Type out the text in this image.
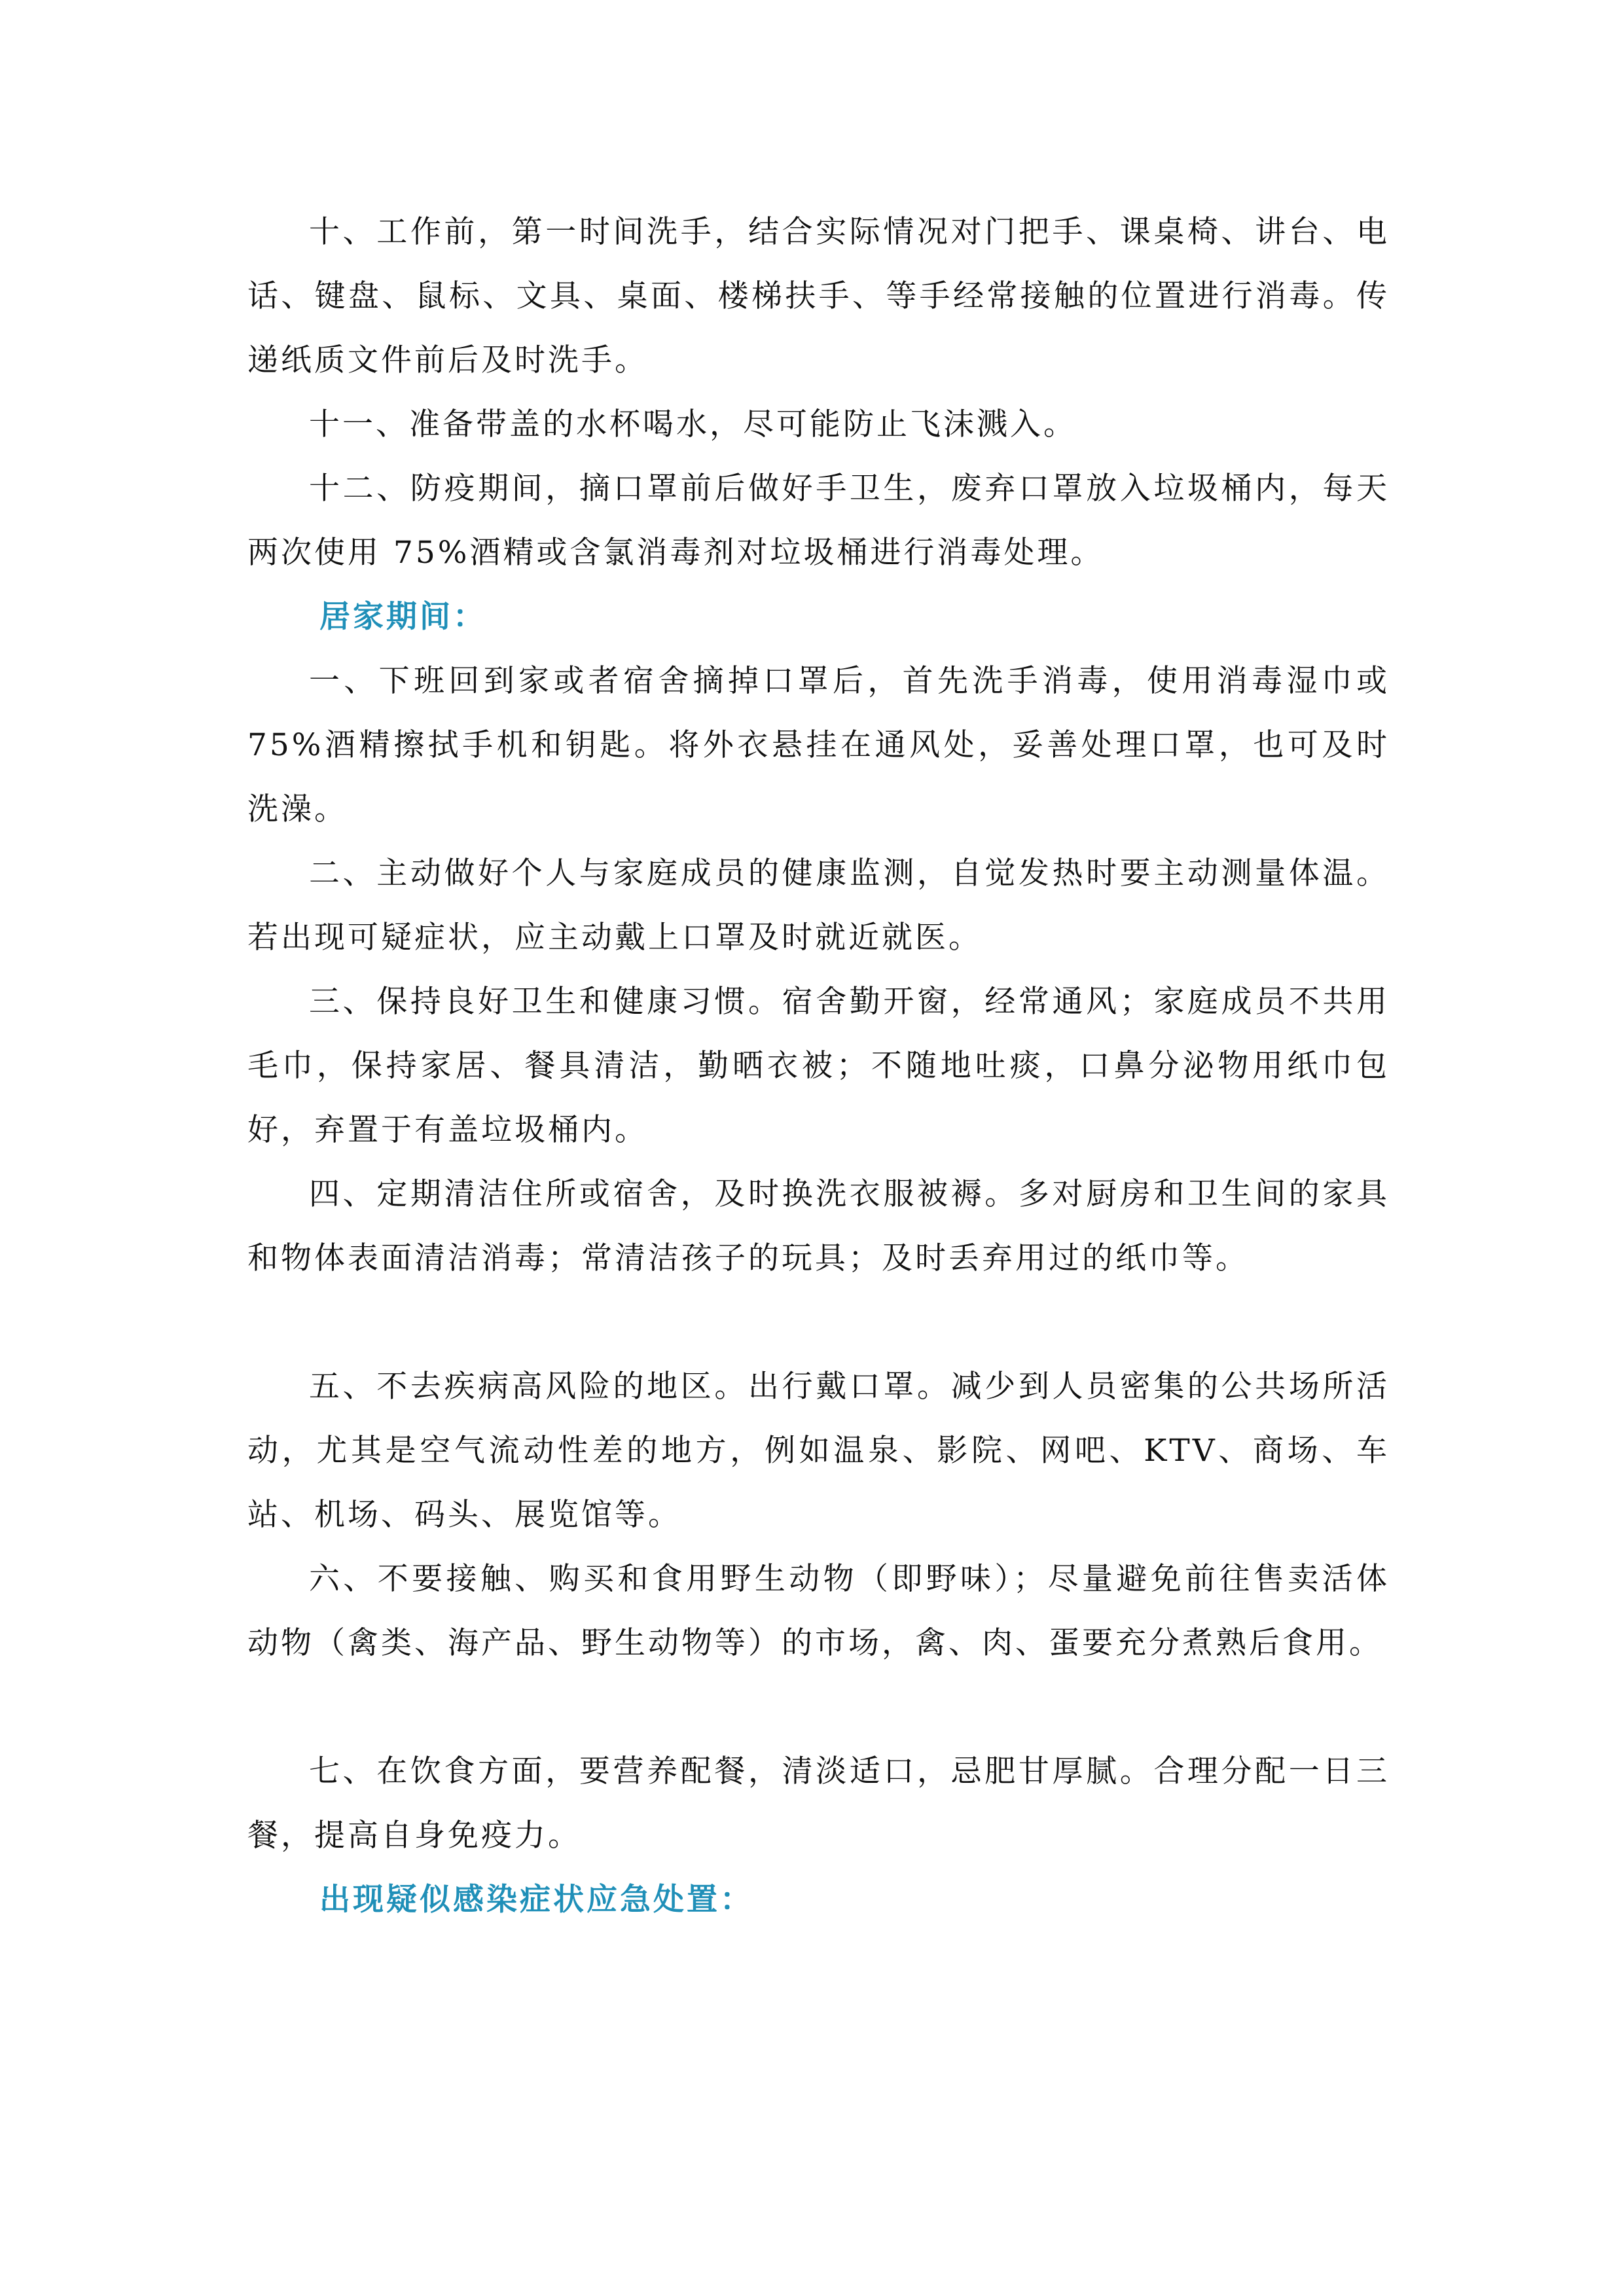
十、工作前，第一时间洗手，结合实际情况对门把手、课桌椅、讲台、电话、键盘、鼠标、文具、桌面、楼梯扶手、等手经常接触的位置进行消毒。传递纸质文件前后及时洗手。

十一、准备带盖的水杯喝水，尽可能防止飞沫溅入。

十二、防疫期间，摘口罩前后做好手卫生，废弃口罩放入垃圾桶内，每天两次使用 75%酒精或含氯消毒剂对垃圾桶进行消毒处理。

居家期间：

一、下班回到家或者宿舍摘掉口罩后，首先洗手消毒，使用消毒湿巾或 75%酒精擦拭手机和钥匙。将外衣悬挂在通风处，妥善处理口罩，也可及时洗澡。

二、主动做好个人与家庭成员的健康监测，自觉发热时要主动测量体温。若出现可疑症状，应主动戴上口罩及时就近就医。

三、保持良好卫生和健康习惯。宿舍勤开窗，经常通风；家庭成员不共用毛巾，保持家居、餐具清洁，勤晒衣被；不随地吐痰，口鼻分泌物用纸巾包好，弃置于有盖垃圾桶内。

四、定期清洁住所或宿舍，及时换洗衣服被褥。多对厨房和卫生间的家具和物体表面清洁消毒；常清洁孩子的玩具；及时丢弃用过的纸巾等。

五、不去疾病高风险的地区。出行戴口罩。减少到人员密集的公共场所活动，尤其是空气流动性差的地方，例如温泉、影院、网吧、KTV、商场、车站、机场、码头、展览馆等。

六、不要接触、购买和食用野生动物（即野味）；尽量避免前往售卖活体动物（禽类、海产品、野生动物等）的市场，禽、肉、蛋要充分煮熟后食用。

七、在饮食方面，要营养配餐，清淡适口，忌肥甘厚腻。合理分配一日三餐，提高自身免疫力。

出现疑似感染症状应急处置：
